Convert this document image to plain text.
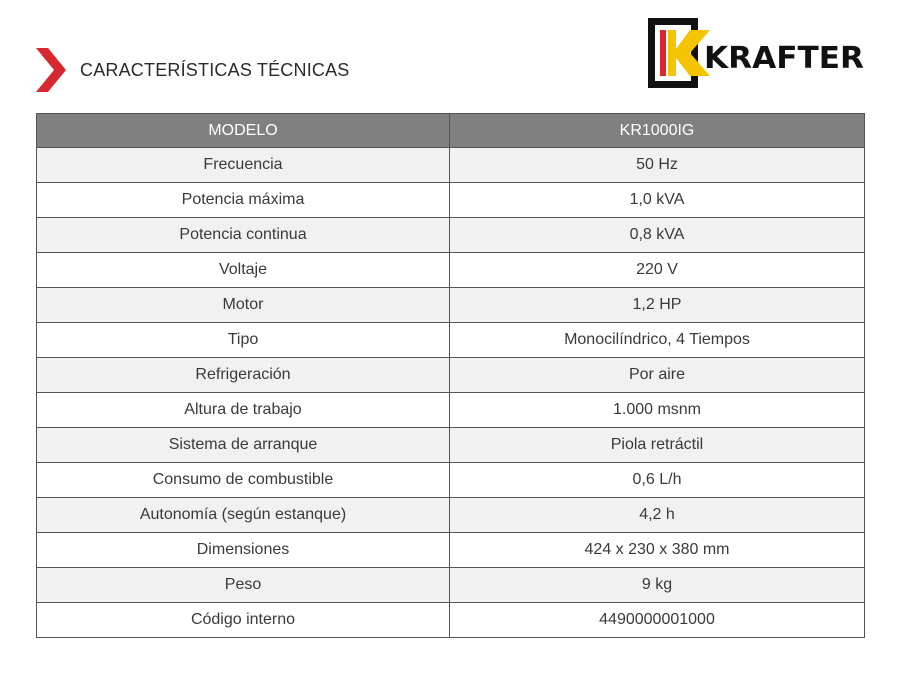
CARACTERÍSTICAS TÉCNICAS	KRAFTER
MODELO	KR1000IG
Frecuencia	50 Hz
Potencia máxima	1,0 kVA
Potencia continua	0,8 kVA
Voltaje	220 V
Motor	1,2 HP
Tipo	Monocilíndrico, 4 Tiempos
Refrigeración	Por aire
Altura de trabajo	1.000 msnm
Sistema de arranque	Piola retráctil
Consumo de combustible	0,6 L/h
Autonomía (según estanque)	4,2 h
Dimensiones	424 x 230 x 380 mm
Peso	9 kg
Código interno	4490000001000
